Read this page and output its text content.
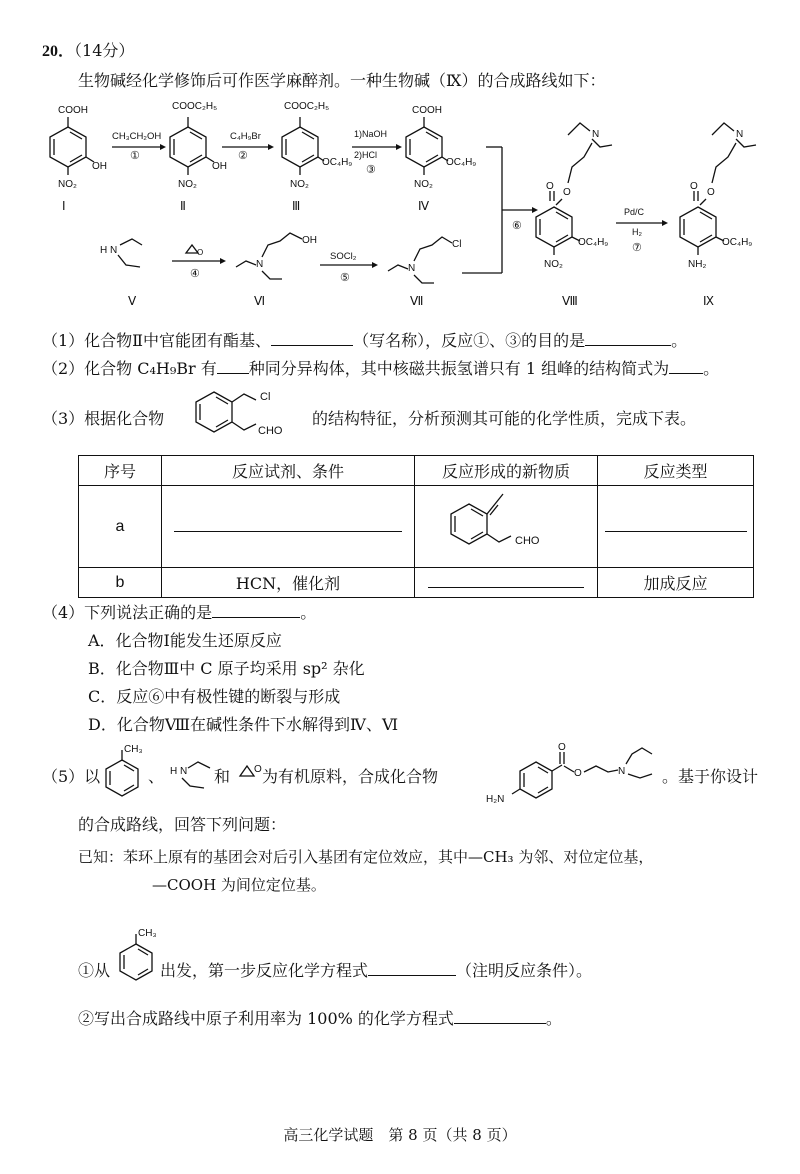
20．（14分）
生物碱经化学修饰后可作医学麻醉剂。一种生物碱（Ⅸ）的合成路线如下：
COOH
OH
NO₂
Ⅰ
CH₃CH₂OH
①
COOC₂H₅
OH
NO₂
Ⅱ
C₄H₉Br
②
COOC₂H₅
OC₄H₉
NO₂
Ⅲ
1)NaOH
2)HCl
③
COOH
OC₄H₉
NO₂
Ⅳ
⑥
H N
Ⅴ
O
④
N
OH
Ⅵ
SOCl₂
⑤
N
Cl
Ⅶ
N
O
O
OC₄H₉
NO₂
Ⅷ
Pd/C
H₂
⑦
N
O
O
OC₄H₉
NH₂
Ⅸ
（1）化合物Ⅱ中官能团有酯基、	（写名称），反应①、③的目的是	。
（2）化合物 C₄H₉Br 有 种同分异构体，其中核磁共振氢谱只有 1 组峰的结构简式为 。
（3）根据化合物
Cl
CHO
的结构特征，分析预测其可能的化学性质，完成下表。
序号	反应试剂、条件	反应形成的新物质	反应类型
a		CHO	

b	HCN，催化剂		加成反应
（4）下列说法正确的是	。
A．化合物Ⅰ能发生还原反应
B．化合物Ⅲ中 C 原子均采用 sp² 杂化
C．反应⑥中有极性键的断裂与形成
D．化合物Ⅷ在碱性条件下水解得到Ⅳ、Ⅵ
（5）以
CH₃
、 H N 和 O 为有机原料，合成化合物
O
O	N
H₂N
。基于你设计
的合成路线，回答下列问题：
已知：苯环上原有的基团会对后引入基团有定位效应，其中—CH₃ 为邻、对位定位基，
—COOH 为间位定位基。
①从
CH₃
出发，第一步反应化学方程式	（注明反应条件）。
②写出合成路线中原子利用率为 100% 的化学方程式	。
高三化学试题　第 8 页（共 8 页）
